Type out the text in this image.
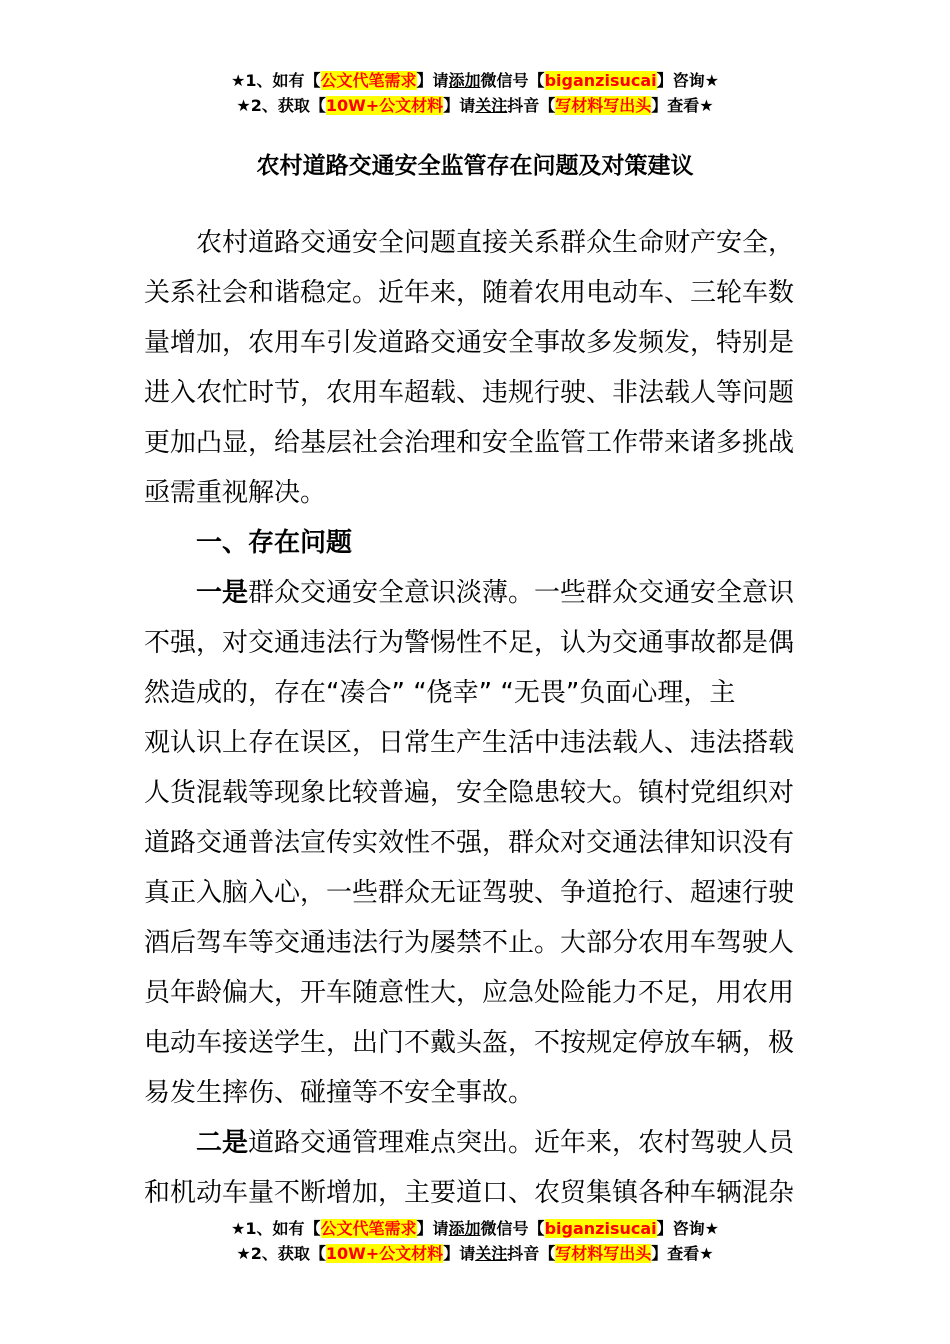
★1、如有【公文代笔需求】请添加微信号【biganzisucai】咨询★
★2、获取【10W+公文材料】请关注抖音【写材料写出头】查看★
农村道路交通安全监管存在问题及对策建议
农村道路交通安全问题直接关系群众生命财产安全，
关系社会和谐稳定。近年来，随着农用电动车、三轮车数
量增加，农用车引发道路交通安全事故多发频发，特别是
进入农忙时节，农用车超载、违规行驶、非法载人等问题
更加凸显，给基层社会治理和安全监管工作带来诸多挑战
亟需重视解决。
一、存在问题
一是群众交通安全意识淡薄。一些群众交通安全意识
不强，对交通违法行为警惕性不足，认为交通事故都是偶
然造成的，存在“凑合” “侥幸” “无畏”负面心理，主
观认识上存在误区，日常生产生活中违法载人、违法搭载
人货混载等现象比较普遍，安全隐患较大。镇村党组织对
道路交通普法宣传实效性不强，群众对交通法律知识没有
真正入脑入心，一些群众无证驾驶、争道抢行、超速行驶
酒后驾车等交通违法行为屡禁不止。大部分农用车驾驶人
员年龄偏大，开车随意性大，应急处险能力不足，用农用
电动车接送学生，出门不戴头盔，不按规定停放车辆，极
易发生摔伤、碰撞等不安全事故。
二是道路交通管理难点突出。近年来，农村驾驶人员
和机动车量不断增加，主要道口、农贸集镇各种车辆混杂
★1、如有【公文代笔需求】请添加微信号【biganzisucai】咨询★
★2、获取【10W+公文材料】请关注抖音【写材料写出头】查看★
